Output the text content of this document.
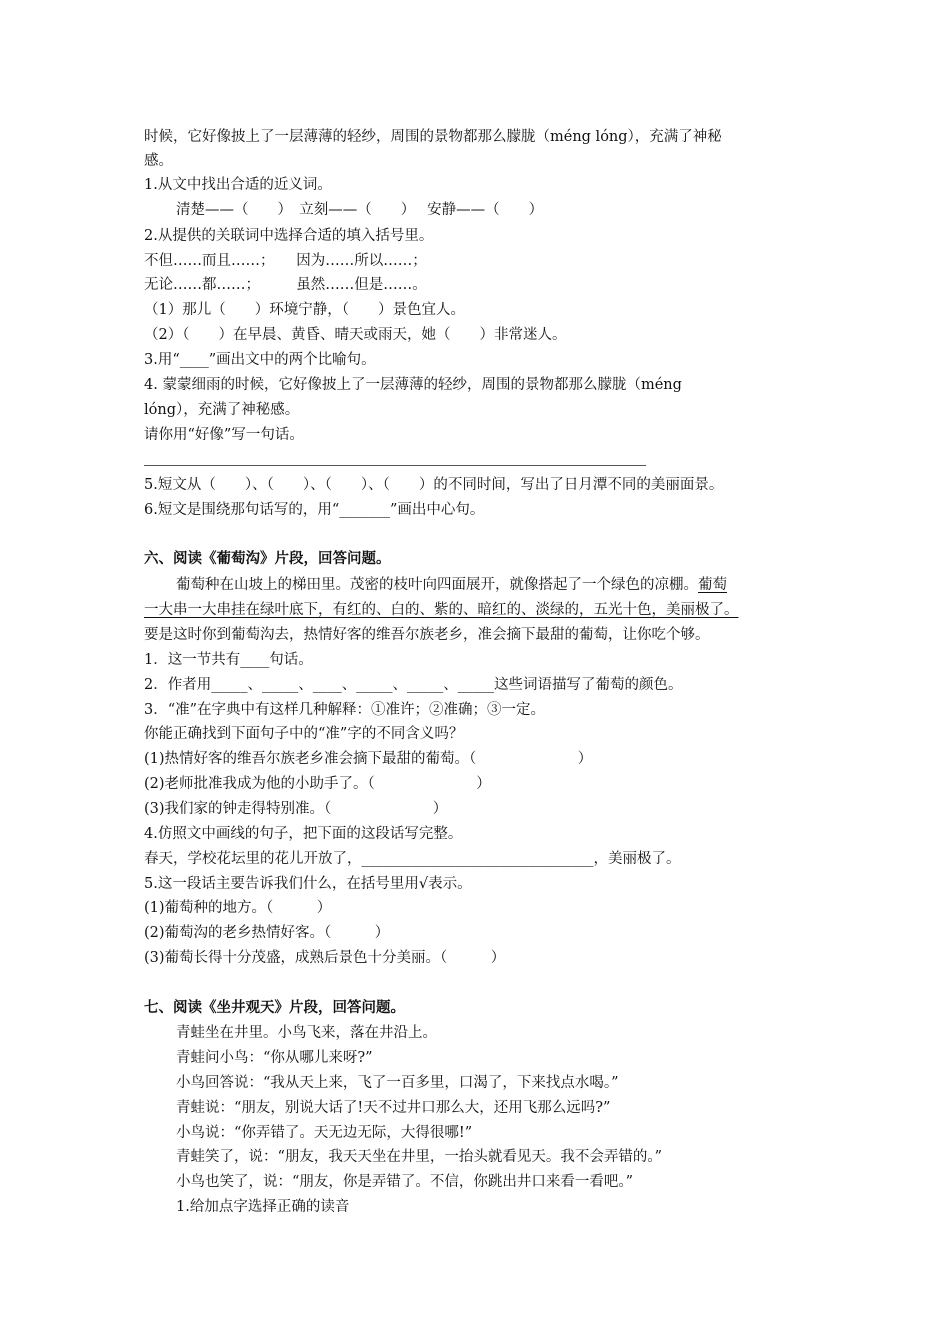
时候，它好像披上了一层薄薄的轻纱，周围的景物都那么朦胧（méng lóng），充满了神秘
感。
1.从文中找出合适的近义词。
清楚——（　　）　立刻——（　　）　 安静——（　　）
2.从提供的关联词中选择合适的填入括号里。
不但……而且……；　　因为……所以……；
无论……都……；　　　虽然……但是……。
（1）那儿（　　）环境宁静，（　　）景色宜人。
（2）（　　）在早晨、黄昏、晴天或雨天，她（　　）非常迷人。
3.用“____”画出文中的两个比喻句。
4. 蒙蒙细雨的时候，它好像披上了一层薄薄的轻纱，周围的景物都那么朦胧（méng
lóng），充满了神秘感。
请你用“好像”写一句话。
5.短文从（　　）、（　　）、（　　）、（　　）的不同时间，写出了日月潭不同的美丽面景。
6.短文是围绕那句话写的，用“_______”画出中心句。
六、阅读《葡萄沟》片段，回答问题。
葡萄种在山坡上的梯田里。茂密的枝叶向四面展开，就像搭起了一个绿色的凉棚。葡萄
一大串一大串挂在绿叶底下，有红的、白的、紫的、暗红的、淡绿的，五光十色，美丽极了。
要是这时你到葡萄沟去，热情好客的维吾尔族老乡，准会摘下最甜的葡萄，让你吃个够。
1．这一节共有____句话。
2．作者用_____、_____、____、_____、_____、_____这些词语描写了葡萄的颜色。
3．“准”在字典中有这样几种解释：①准许；②准确；③一定。
你能正确找到下面句子中的“准”字的不同含义吗？
(1)热情好客的维吾尔族老乡准会摘下最甜的葡萄。（　　　　　　　）
(2)老师批准我成为他的小助手了。（　　　　　　　）
(3)我们家的钟走得特别准。（　　　　　　　）
4.仿照文中画线的句子，把下面的这段话写完整。
春天，学校花坛里的花儿开放了，________________________________，美丽极了。
5.这一段话主要告诉我们什么，在括号里用√表示。
(1)葡萄种的地方。（　　　）
(2)葡萄沟的老乡热情好客。（　　　）
(3)葡萄长得十分茂盛，成熟后景色十分美丽。（　　　）
七、阅读《坐井观天》片段，回答问题。
青蛙坐在井里。小鸟飞来，落在井沿上。
青蛙问小鸟：“你从哪儿来呀?”
小鸟回答说：“我从天上来，飞了一百多里，口渴了，下来找点水喝。”
青蛙说：“朋友，别说大话了!天不过井口那么大，还用飞那么远吗?”
小鸟说：“你弄错了。天无边无际，大得很哪!”
青蛙笑了，说：“朋友，我天天坐在井里，一抬头就看见天。我不会弄错的。”
小鸟也笑了，说：“朋友，你是弄错了。不信，你跳出井口来看一看吧。”
1.给加点字选择正确的读音
